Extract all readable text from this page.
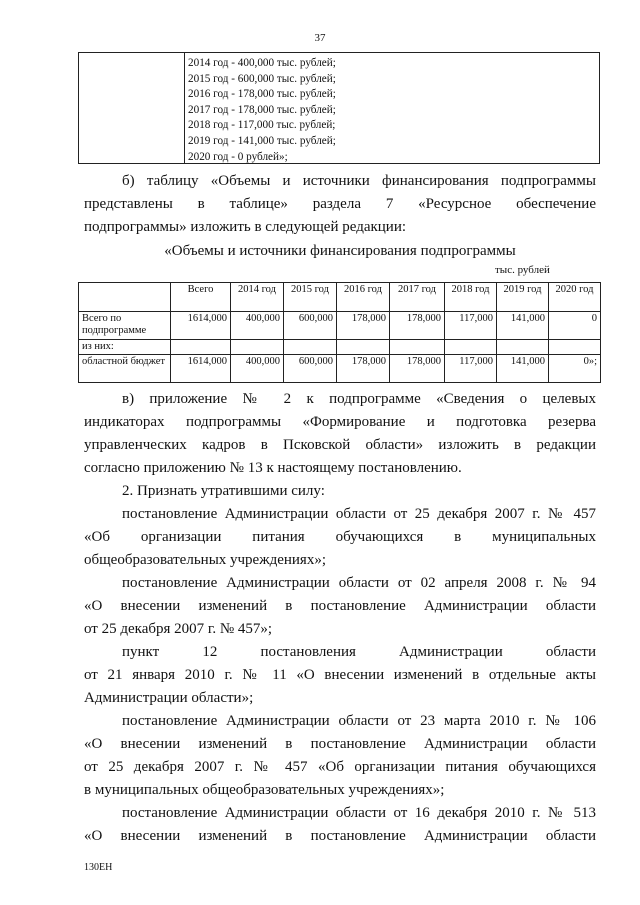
37
2014 год - 400,000 тыс. рублей;
2015 год - 600,000 тыс. рублей;
2016 год - 178,000 тыс. рублей;
2017 год - 178,000 тыс. рублей;
2018 год - 117,000 тыс. рублей;
2019 год - 141,000 тыс. рублей;
2020 год - 0 рублей»;

б) таблицу «Объемы и источники финансирования подпрограммы

представлены в таблице» раздела 7 «Ресурсное обеспечение

подпрограммы» изложить в следующей редакции:

«Объемы и источники финансирования подпрограммы

тыс. рублей
	Всего	2014 год	2015 год	2016 год	2017 год	2018 год	2019 год	2020 год
Всего по подпрограмме	1614,000	400,000	600,000	178,000	178,000	117,000	141,000	0
из них:								
областной бюджет	1614,000	400,000	600,000	178,000	178,000	117,000	141,000	0»;

в) приложение № 2 к подпрограмме «Сведения о целевых

индикаторах подпрограммы «Формирование и подготовка резерва

управленческих кадров в Псковской области» изложить в редакции

согласно приложению № 13 к настоящему постановлению.

2. Признать утратившими силу:

постановление Администрации области от 25 декабря 2007 г. № 457

«Об организации питания обучающихся в муниципальных

общеобразовательных учреждениях»;

постановление Администрации области от 02 апреля 2008 г. № 94

«О внесении изменений в постановление Администрации области

от 25 декабря 2007 г. № 457»;

пункт 12 постановления Администрации области

от 21 января 2010 г. № 11 «О внесении изменений в отдельные акты

Администрации области»;

постановление Администрации области от 23 марта 2010 г. № 106

«О внесении изменений в постановление Администрации области

от 25 декабря 2007 г. № 457 «Об организации питания обучающихся

в муниципальных общеобразовательных учреждениях»;

постановление Администрации области от 16 декабря 2010 г. № 513

«О внесении изменений в постановление Администрации области

130ЕН
